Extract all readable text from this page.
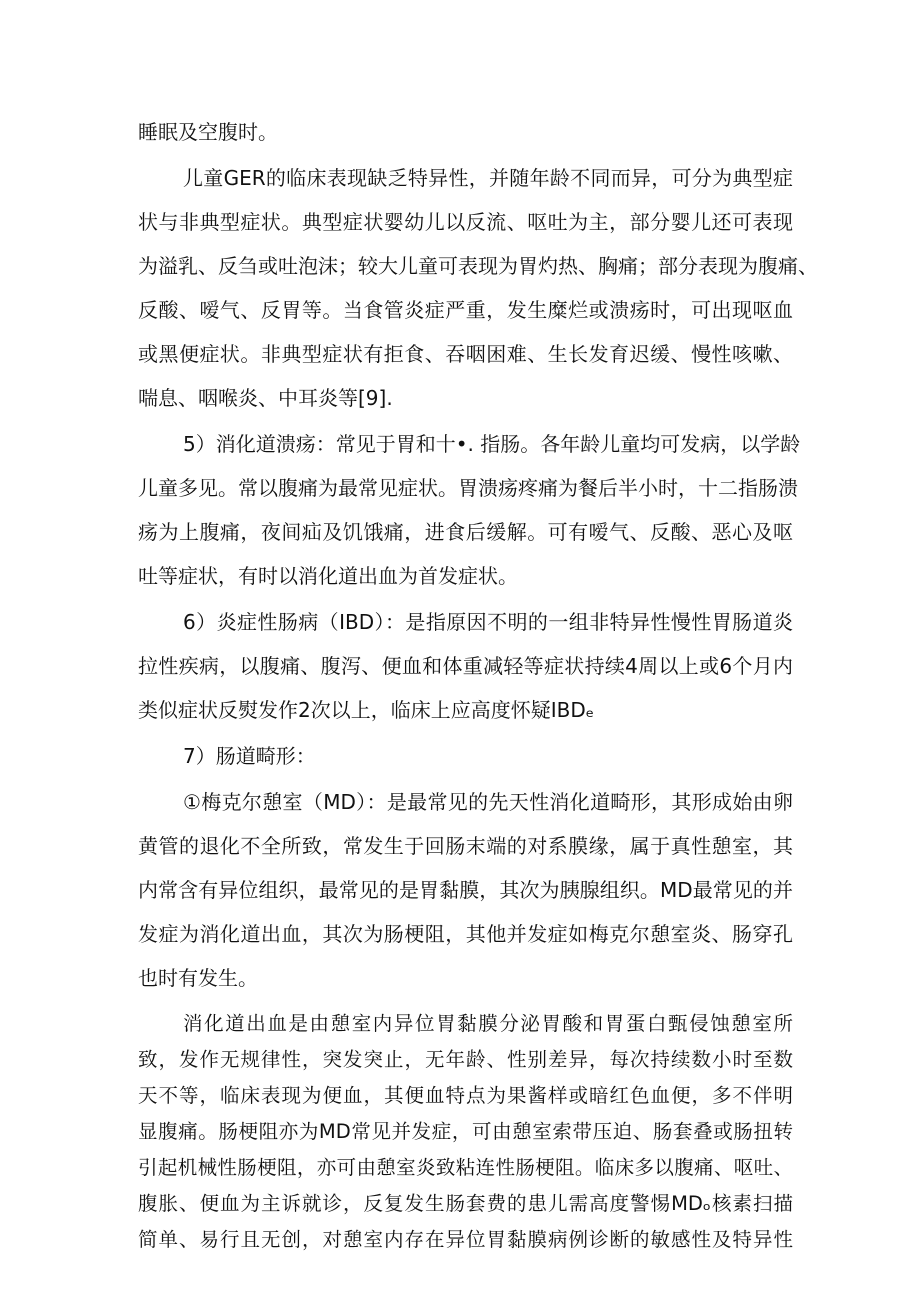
睡眠及空腹时。
儿童GER的临床表现缺乏特异性，并随年龄不同而异，可分为典型症
状与非典型症状。典型症状婴幼儿以反流、呕吐为主，部分婴儿还可表现
为溢乳、反刍或吐泡沫；较大儿童可表现为胃灼热、胸痛；部分表现为腹痛、
反酸、嗳气、反胃等。当食管炎症严重，发生糜烂或溃疡时，可出现呕血
或黑便症状。非典型症状有拒食、吞咽困难、生长发育迟缓、慢性咳嗽、
喘息、咽喉炎、中耳炎等[9].
5）消化道溃疡：常见于胃和十•. 指肠。各年龄儿童均可发病，以学龄
儿童多见。常以腹痛为最常见症状。胃溃疡疼痛为餐后半小时，十二指肠溃
疡为上腹痛，夜间疝及饥饿痛，进食后缓解。可有嗳气、反酸、恶心及呕
吐等症状，有时以消化道出血为首发症状。
6）炎症性肠病（IBD）：是指原因不明的一组非特异性慢性胃肠道炎
拉性疾病，以腹痛、腹泻、便血和体重减轻等症状持续4周以上或6个月内
类似症状反熨发作2次以上，临床上应高度怀疑IBDₑ
7）肠道畸形：
①梅克尔憩室（MD）：是最常见的先天性消化道畸形，其形成始由卵
黄管的退化不全所致，常发生于回肠末端的对系膜缘，属于真性憩室，其
内常含有异位组织，最常见的是胃黏膜，其次为胰腺组织。MD最常见的并
发症为消化道出血，其次为肠梗阻，其他并发症如梅克尔憩室炎、肠穿孔
也时有发生。
消化道出血是由憩室内异位胃黏膜分泌胃酸和胃蛋白甄侵蚀憩室所
致，发作无规律性，突发突止，无年龄、性别差异，每次持续数小时至数
天不等，临床表现为便血，其便血特点为果酱样或暗红色血便，多不伴明
显腹痛。肠梗阻亦为MD常见并发症，可由憩室索带压迫、肠套叠或肠扭转
引起机械性肠梗阻，亦可由憩室炎致粘连性肠梗阻。临床多以腹痛、呕吐、
腹胀、便血为主诉就诊，反复发生肠套费的患儿需高度警惕MDₒ核素扫描
简单、易行且无创，对憩室内存在异位胃黏膜病例诊断的敏感性及特异性
